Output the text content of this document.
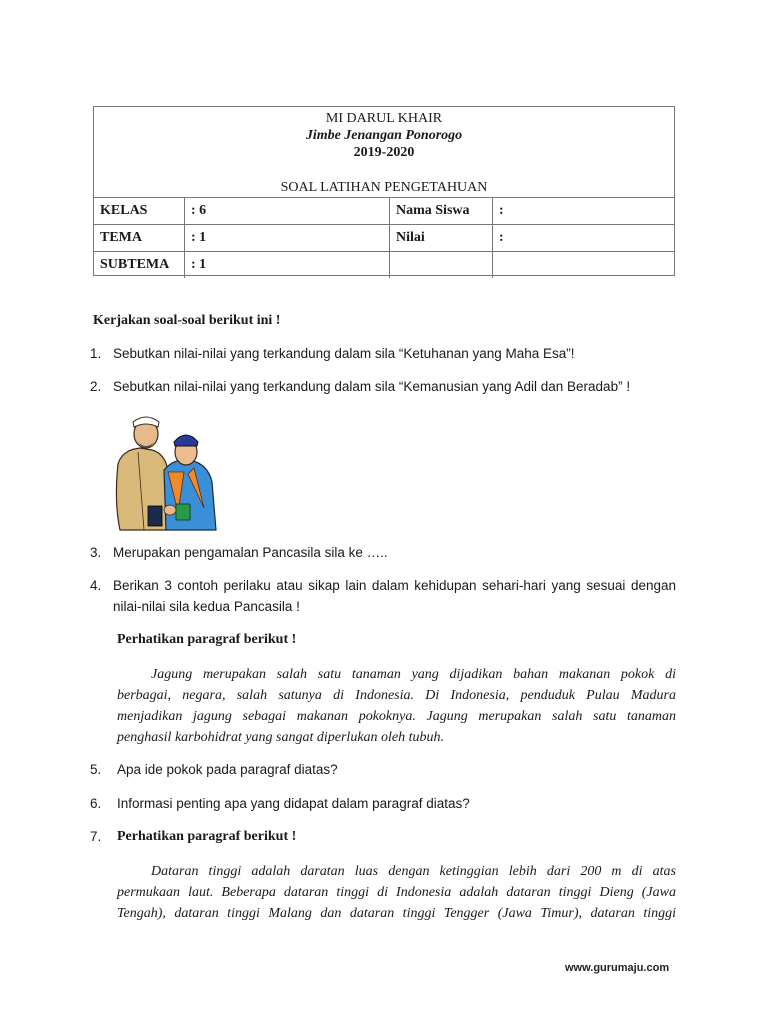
MI DARUL KHAIR
Jimbe Jenangan Ponorogo
2019-2020
SOAL LATIHAN PENGETAHUAN
KELAS	: 6	Nama Siswa	:
TEMA	: 1	Nilai	:
SUBTEMA	: 1		
Kerjakan soal-soal berikut ini !
1. Sebutkan nilai-nilai yang terkandung dalam sila “Ketuhanan yang Maha Esa”!
2. Sebutkan nilai-nilai yang terkandung dalam sila “Kemanusian yang Adil dan Beradab” !
3. Merupakan pengamalan Pancasila sila ke …..
4. Berikan 3 contoh perilaku atau sikap lain dalam kehidupan sehari-hari yang sesuai dengan
nilai-nilai sila kedua Pancasila !
Perhatikan paragraf berikut !
Jagung merupakan salah satu tanaman yang dijadikan bahan makanan pokok di
berbagai, negara, salah satunya di Indonesia. Di Indonesia, penduduk Pulau Madura
menjadikan jagung sebagai makanan pokoknya. Jagung merupakan salah satu tanaman
penghasil karbohidrat yang sangat diperlukan oleh tubuh.
5. Apa ide pokok pada paragraf diatas?
6. Informasi penting apa yang didapat dalam paragraf diatas?
7. Perhatikan paragraf berikut !
Dataran tinggi adalah daratan luas dengan ketinggian lebih dari 200 m di atas
permukaan laut. Beberapa dataran tinggi di Indonesia adalah dataran tinggi Dieng (Jawa
Tengah), dataran tinggi Malang dan dataran tinggi Tengger (Jawa Timur), dataran tinggi
www.gurumaju.com
